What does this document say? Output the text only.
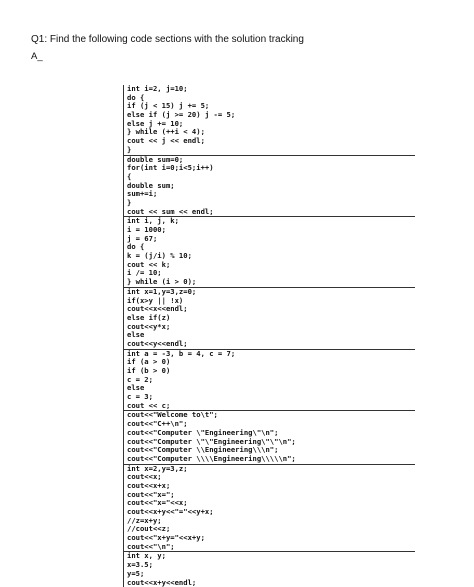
Q1: Find the following code sections with the solution tracking
A_
int i=2, j=10;
do {
if (j < 15) j += 5;
else if (j >= 20) j -= 5;
else j += 10;
} while (++i < 4);
cout << j << endl;
}
double sum=0;
for(int i=0;i<5;i++)
{
double sum;
sum+=i;
}
cout << sum << endl;
int i, j, k;
i = 1000;
j = 67;
do {
k = (j/i) % 10;
cout << k;
i /= 10;
} while (i > 0);
int x=1,y=3,z=0;
if(x>y || !x)
cout<<x<<endl;
else if(z)
cout<<y*x;
else
cout<<y<<endl;
int a = -3, b = 4, c = 7;
if (a > 0)
if (b > 0)
c = 2;
else
c = 3;
cout << c;
cout<<"Welcome to\t";
cout<<"C++\n";
cout<<"Computer \"Engineering\"\n";
cout<<"Computer \"\"Engineering\"\"\n";
cout<<"Computer \\Engineering\\\n";
cout<<"Computer \\\\Engineering\\\\\n";
int x=2,y=3,z;
cout<<x;
cout<<x+x;
cout<<"x=";
cout<<"x="<<x;
cout<<x+y<<"="<<y+x;
//z=x+y;
//cout<<z;
cout<<"x+y="<<x+y;
cout<<"\n";
int x, y;
x=3.5;
y=5;
cout<<x+y<<endl;
